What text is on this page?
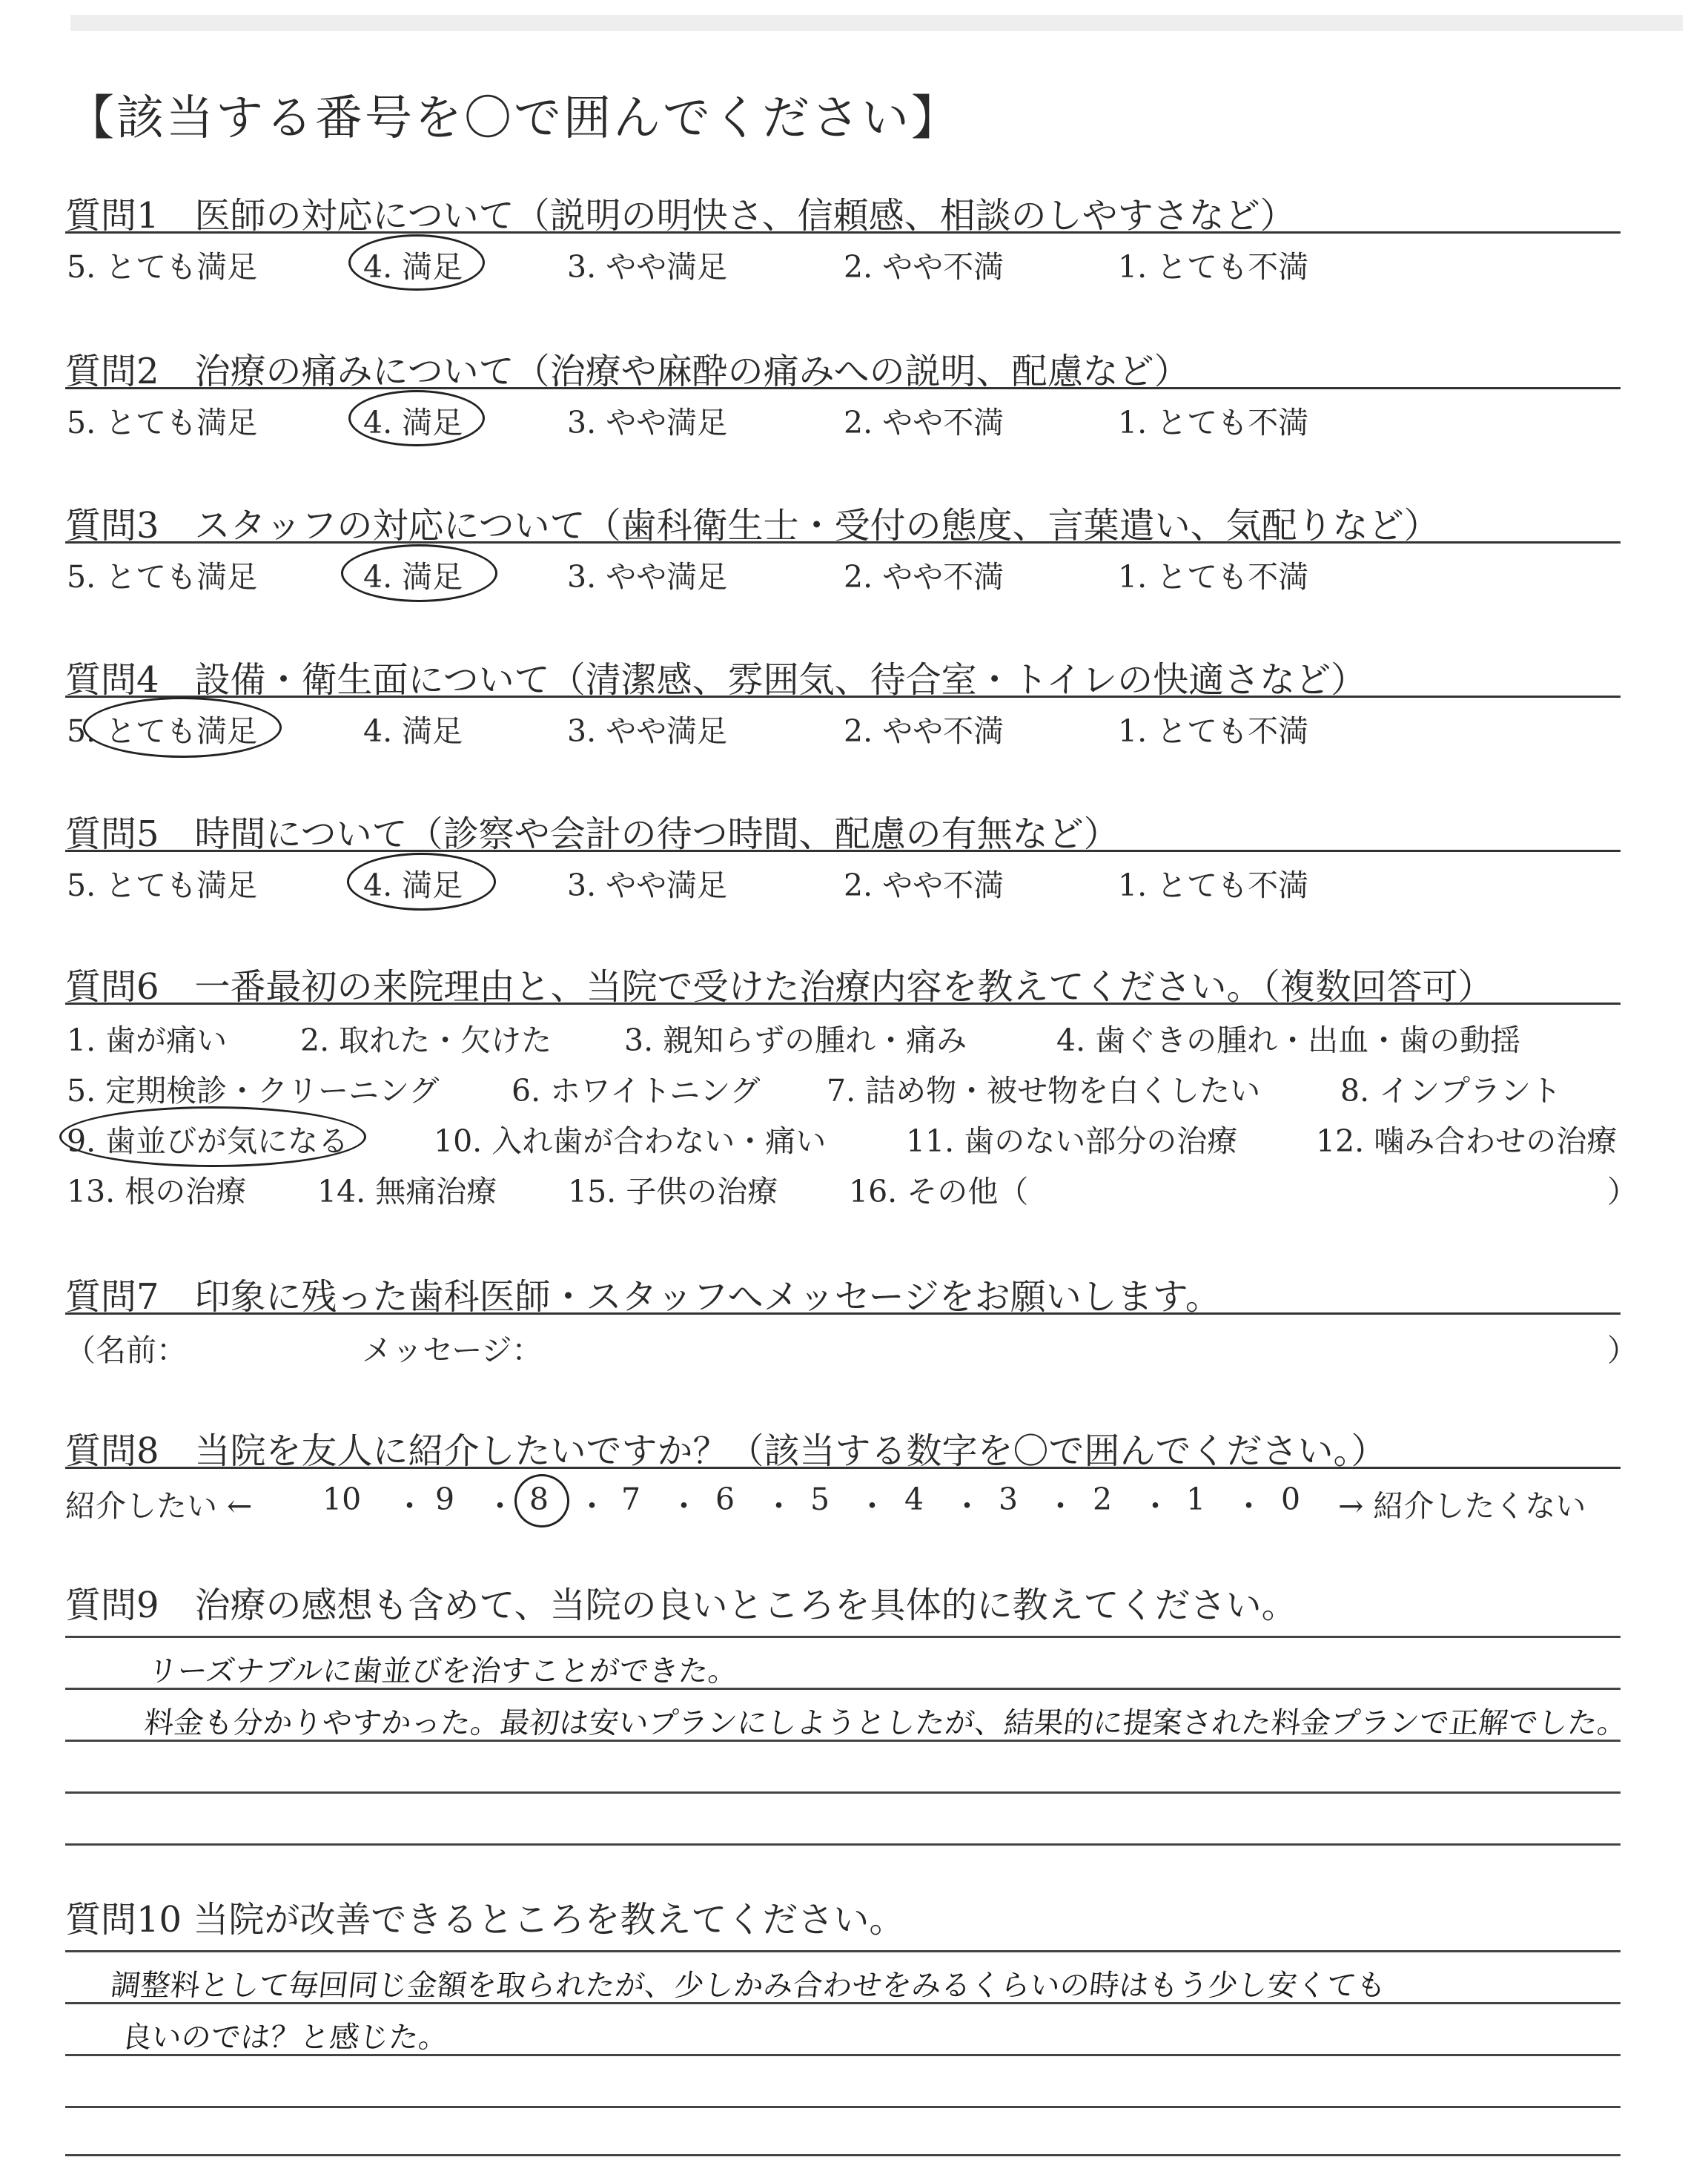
【該当する番号を〇で囲んでください】
質問1　医師の対応について（説明の明快さ、信頼感、相談のしやすさなど）
5. とても満足	4. 満足	3. やや満足	2. やや不満	1. とても不満
質問2　治療の痛みについて（治療や麻酔の痛みへの説明、配慮など）
5. とても満足	4. 満足	3. やや満足	2. やや不満	1. とても不満
質問3　スタッフの対応について（歯科衛生士・受付の態度、言葉遣い、気配りなど）
5. とても満足	4. 満足	3. やや満足	2. やや不満	1. とても不満
質問4　設備・衛生面について（清潔感、雰囲気、待合室・トイレの快適さなど）
5. とても満足	4. 満足	3. やや満足	2. やや不満	1. とても不満
質問5　時間について（診察や会計の待つ時間、配慮の有無など）
5. とても満足	4. 満足	3. やや満足	2. やや不満	1. とても不満
質問6　一番最初の来院理由と、当院で受けた治療内容を教えてください。（複数回答可）
1. 歯が痛い 2. 取れた・欠けた 3. 親知らずの腫れ・痛み	4. 歯ぐきの腫れ・出血・歯の動揺
5. 定期検診・クリーニング 6. ホワイトニング 7. 詰め物・被せ物を白くしたい	8. インプラント
9. 歯並びが気になる	10. 入れ歯が合わない・痛い	11. 歯のない部分の治療	12. 噛み合わせの治療
13. 根の治療 14. 無痛治療 15. 子供の治療 16. その他（	）
質問7　印象に残った歯科医師・スタッフへメッセージをお願いします。
（名前：	メッセージ：	）
質問8　当院を友人に紹介したいですか？（該当する数字を〇で囲んでください。）
紹介したい ← 10 ・ 9 ・ 8 ・ 7 ・ 6 ・ 5 ・ 4 ・ 3 ・ 2 ・ 1 ・ 0 → 紹介したくない
質問9　治療の感想も含めて、当院の良いところを具体的に教えてください。
リーズナブルに歯並びを治すことができた。
料金も分かりやすかった。最初は安いプランにしようとしたが、結果的に提案された料金プランで正解でした。
質問10 当院が改善できるところを教えてください。
調整料として毎回同じ金額を取られたが、少しかみ合わせをみるくらいの時はもう少し安くても
良いのでは？と感じた。
